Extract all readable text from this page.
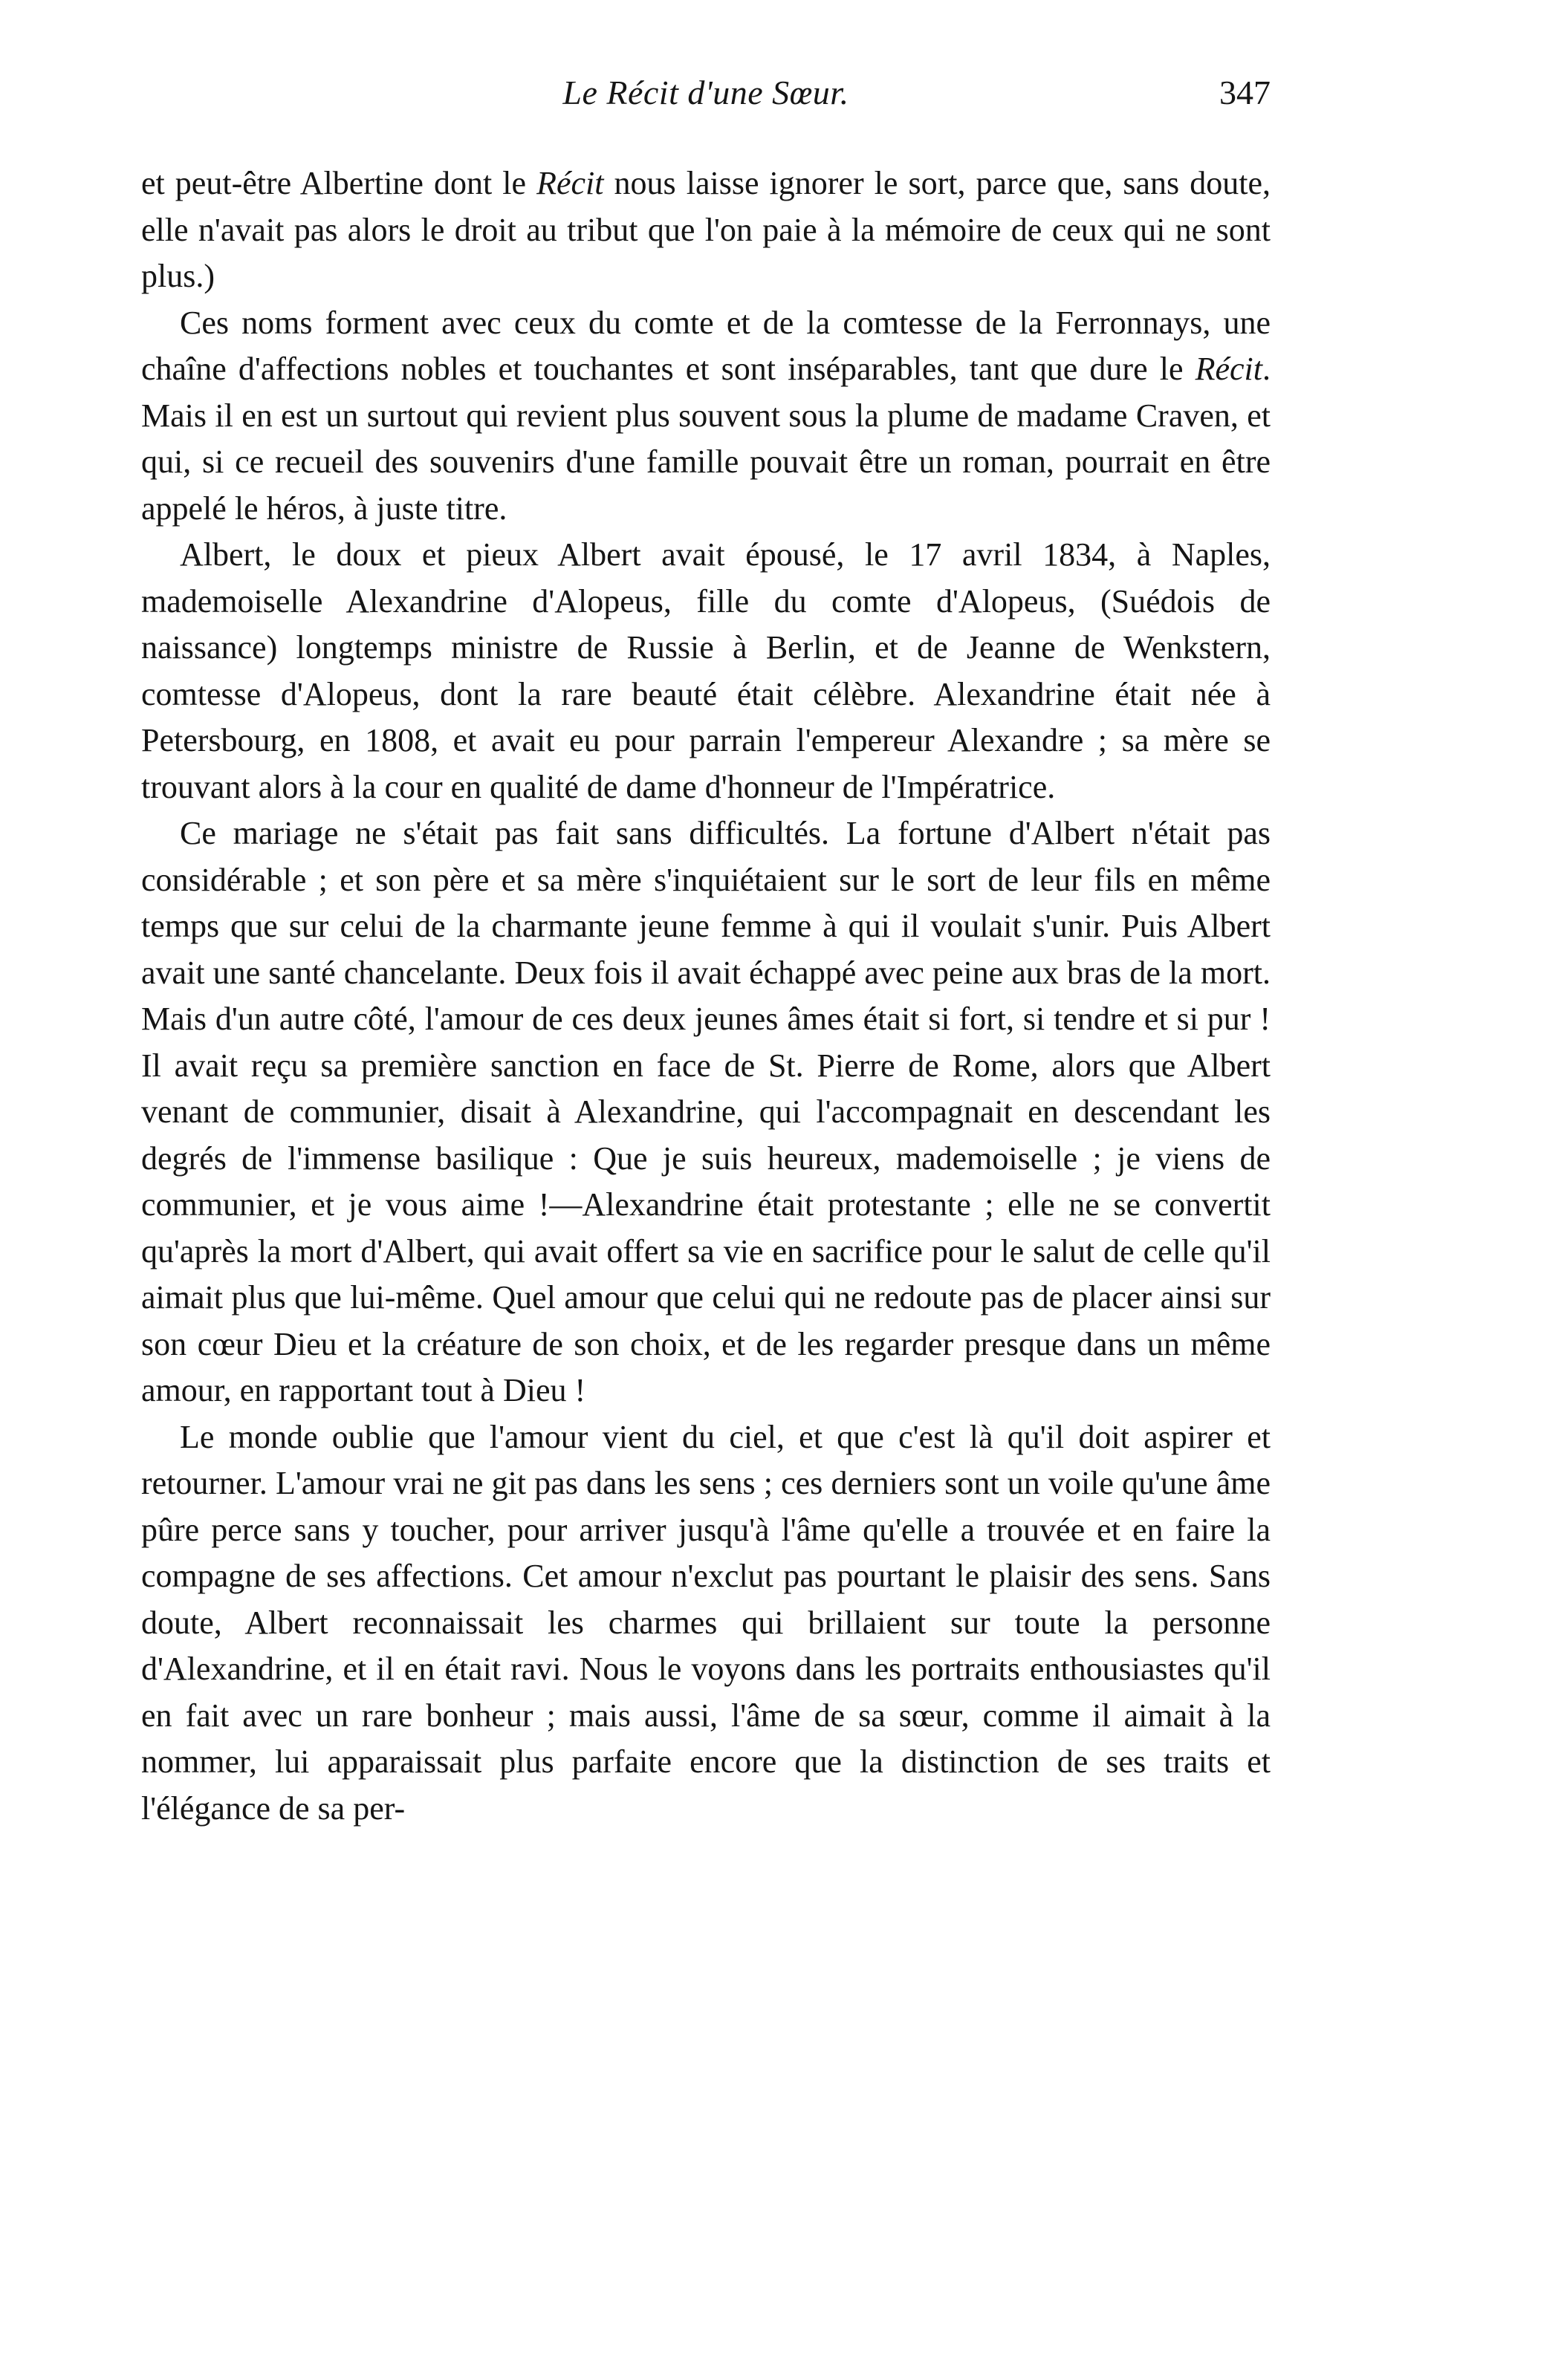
Le Récit d'une Sœur.	347

et peut-être Albertine dont le Récit nous laisse ignorer le sort, parce que, sans doute, elle n'avait pas alors le droit au tribut que l'on paie à la mémoire de ceux qui ne sont plus.)

Ces noms forment avec ceux du comte et de la comtesse de la Ferronnays, une chaîne d'affections nobles et touchantes et sont inséparables, tant que dure le Récit. Mais il en est un surtout qui revient plus souvent sous la plume de madame Craven, et qui, si ce recueil des souvenirs d'une famille pouvait être un roman, pourrait en être appelé le héros, à juste titre.

Albert, le doux et pieux Albert avait épousé, le 17 avril 1834, à Naples, mademoiselle Alexandrine d'Alopeus, fille du comte d'Alopeus, (Suédois de naissance) longtemps ministre de Russie à Berlin, et de Jeanne de Wenkstern, comtesse d'Alopeus, dont la rare beauté était célèbre. Alexandrine était née à Petersbourg, en 1808, et avait eu pour parrain l'empereur Alexandre ; sa mère se trouvant alors à la cour en qualité de dame d'honneur de l'Impératrice.

Ce mariage ne s'était pas fait sans difficultés. La fortune d'Albert n'était pas considérable ; et son père et sa mère s'inquiétaient sur le sort de leur fils en même temps que sur celui de la charmante jeune femme à qui il voulait s'unir. Puis Albert avait une santé chancelante. Deux fois il avait échappé avec peine aux bras de la mort. Mais d'un autre côté, l'amour de ces deux jeunes âmes était si fort, si tendre et si pur ! Il avait reçu sa première sanction en face de St. Pierre de Rome, alors que Albert venant de communier, disait à Alexandrine, qui l'accompagnait en descendant les degrés de l'immense basilique : Que je suis heureux, mademoiselle ; je viens de communier, et je vous aime !—Alexandrine était protestante ; elle ne se convertit qu'après la mort d'Albert, qui avait offert sa vie en sacrifice pour le salut de celle qu'il aimait plus que lui-même. Quel amour que celui qui ne redoute pas de placer ainsi sur son cœur Dieu et la créature de son choix, et de les regarder presque dans un même amour, en rapportant tout à Dieu !

Le monde oublie que l'amour vient du ciel, et que c'est là qu'il doit aspirer et retourner. L'amour vrai ne git pas dans les sens ; ces derniers sont un voile qu'une âme pûre perce sans y toucher, pour arriver jusqu'à l'âme qu'elle a trouvée et en faire la compagne de ses affections. Cet amour n'exclut pas pourtant le plaisir des sens. Sans doute, Albert reconnaissait les charmes qui brillaient sur toute la personne d'Alexandrine, et il en était ravi. Nous le voyons dans les portraits enthousiastes qu'il en fait avec un rare bonheur ; mais aussi, l'âme de sa sœur, comme il aimait à la nommer, lui apparaissait plus parfaite encore que la distinction de ses traits et l'élégance de sa per-
